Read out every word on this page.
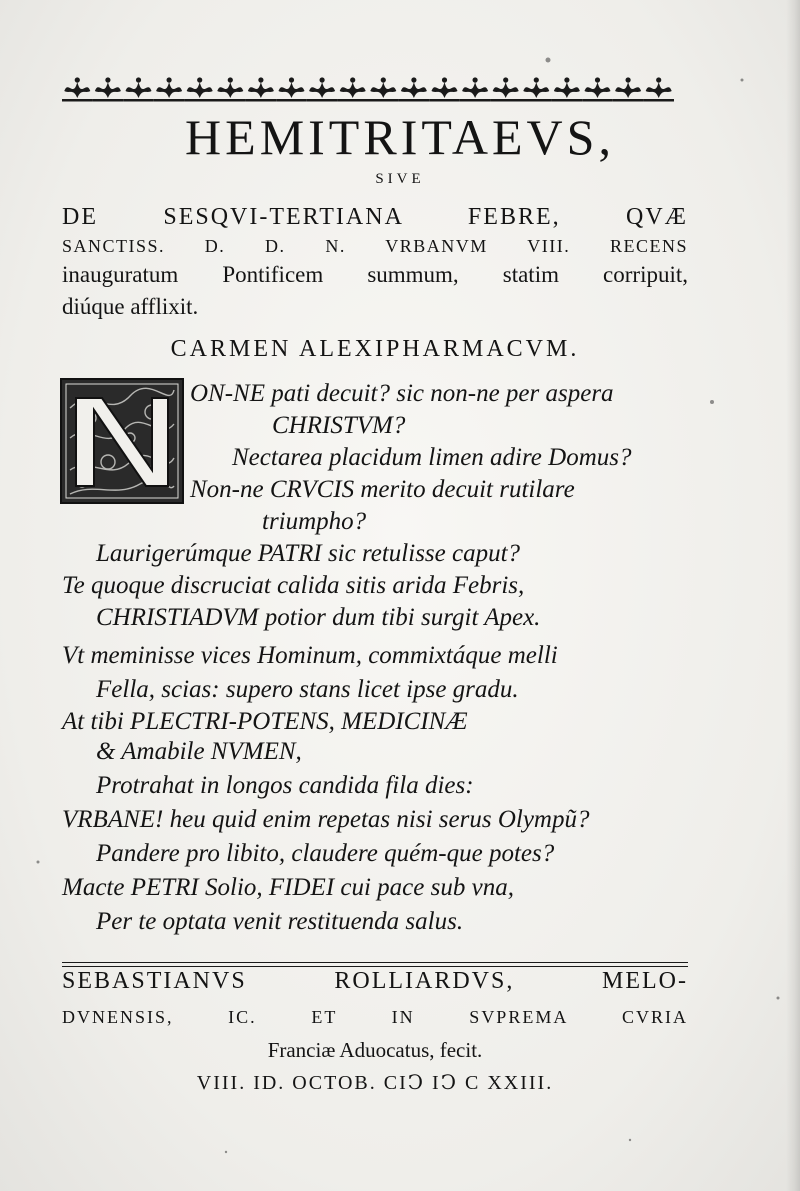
HEMITRITAEVS,
SIVE
DE SESQVI-TERTIANA FEBRE, QVÆ
SANCTISS. D. D. N. VRBANVM VIII. RECENS
inauguratum Pontificem summum, statim corripuit,
diúque afflixit.
CARMEN ALEXIPHARMACVM.
ON-NE pati decuit? sic non-ne per aspera
CHRISTVM?
Nectarea placidum limen adire Domus?
Non-ne CRVCIS merito decuit rutilare
triumpho?
Laurigerúmque PATRI sic retulisse caput?
Te quoque discruciat calida sitis arida Febris,
CHRISTIADVM potior dum tibi surgit Apex.
Vt meminisse vices Hominum, commixtáque melli
Fella, scias: supero stans licet ipse gradu.
At tibi PLECTRI-POTENS, MEDICINÆ
& Amabile NVMEN,
Protrahat in longos candida fila dies:
VRBANE! heu quid enim repetas nisi serus Olympũ?
Pandere pro libito, claudere quém-que potes?
Macte PETRI Solio, FIDEI cui pace sub vna,
Per te optata venit restituenda salus.
SEBASTIANVS ROLLIARDVS, MELO-
DVNENSIS, IC. ET IN SVPREMA CVRIA
Franciæ Aduocatus, fecit.
VIII. ID. OCTOB. CIↃ IↃ C XXIII.
